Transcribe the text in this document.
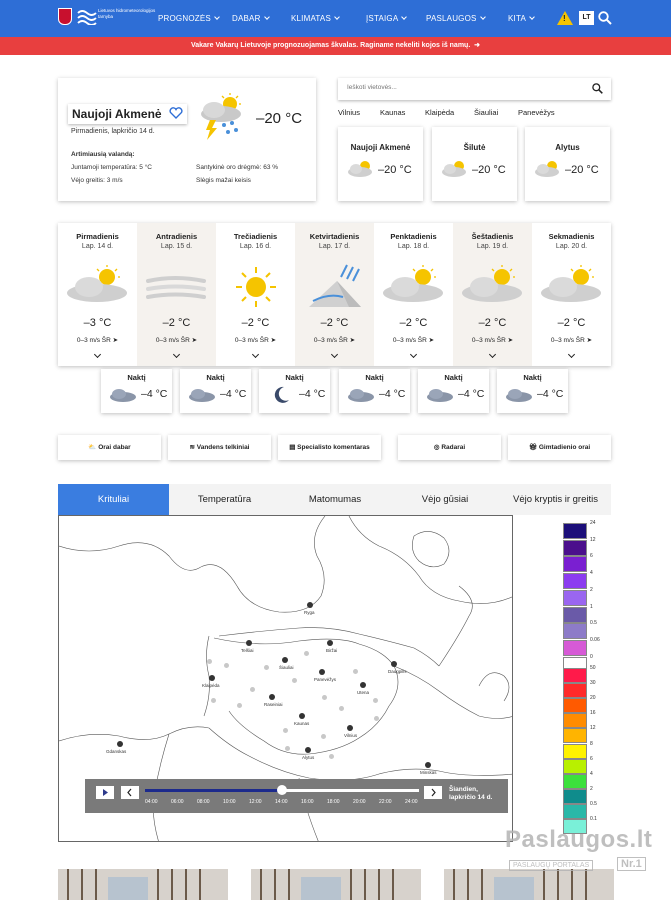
Lietuvos hidrometeorologijos tarnyba	PROGNOZĖS	DABAR	KLIMATAS	ĮSTAIGA	PASLAUGOS	KITA	!	LT
Vakare Vakarų Lietuvoje prognozuojamas škvalas. Raginame nekeliti kojos iš namų.  ➜
Naujoji Akmenė
Pirmadienis, lapkričio 14 d.
–20 °C
Artimiausią valandą:
Juntamoji temperatūra: 5 °C	Santykinė oro drėgmė: 63 %
Vėjo greitis: 3 m/s	Slėgis mažai keisis
Ieškoti vietovės...
Vilnius	Kaunas	Klaipėda	Šiauliai	Panevėžys
Naujoji Akmenė
–20 °C
Šilutė
–20 °C
Alytus
–20 °C
Pirmadienis
Lap. 14 d.
–3 °C
0–3 m/s ŠR ➤
Antradienis
Lap. 15 d.
–2 °C
0–3 m/s ŠR ➤
Trečiadienis
Lap. 16 d.
–2 °C
0–3 m/s ŠR ➤
Ketvirtadienis
Lap. 17 d.
–2 °C
0–3 m/s ŠR ➤
Penktadienis
Lap. 18 d.
–2 °C
0–3 m/s ŠR ➤
Šeštadienis
Lap. 19 d.
–2 °C
0–3 m/s ŠR ➤
Sekmadienis
Lap. 20 d.
–2 °C
0–3 m/s ŠR ➤
Naktį
–4 °C
Naktį
–4 °C
Naktį
–4 °C
Naktį
–4 °C
Naktį
–4 °C
Naktį
–4 °C
⛅ Orai dabar	≋ Vandens telkiniai	▤ Specialisto komentaras	◎ Radarai	🎁︎ Gimtadienio orai
Krituliai	Temperatūra	Matomumas	Vėjo gūsiai	Vėjo kryptis ir greitis
Ryga
Telšiai	Biržai
Šiauliai
Klaipėda
Panevėžys
Daugpilis
Raseiniai
Utena
Kaunas
Vilnius
Gdanskas
Alytus
Minskas
24
12
6
4
2
1
0.5
0.06
0
50
30
20
16
12
8
6
4
2
0.5
0.1
04:00	06:00	08:00	10:00	12:00	14:00	16:00	18:00	20:00	22:00	24:00
Šiandien, lapkričio 14 d.
Paslaugos.lt
PASLAUGŲ PORTALAS	Nr.1
